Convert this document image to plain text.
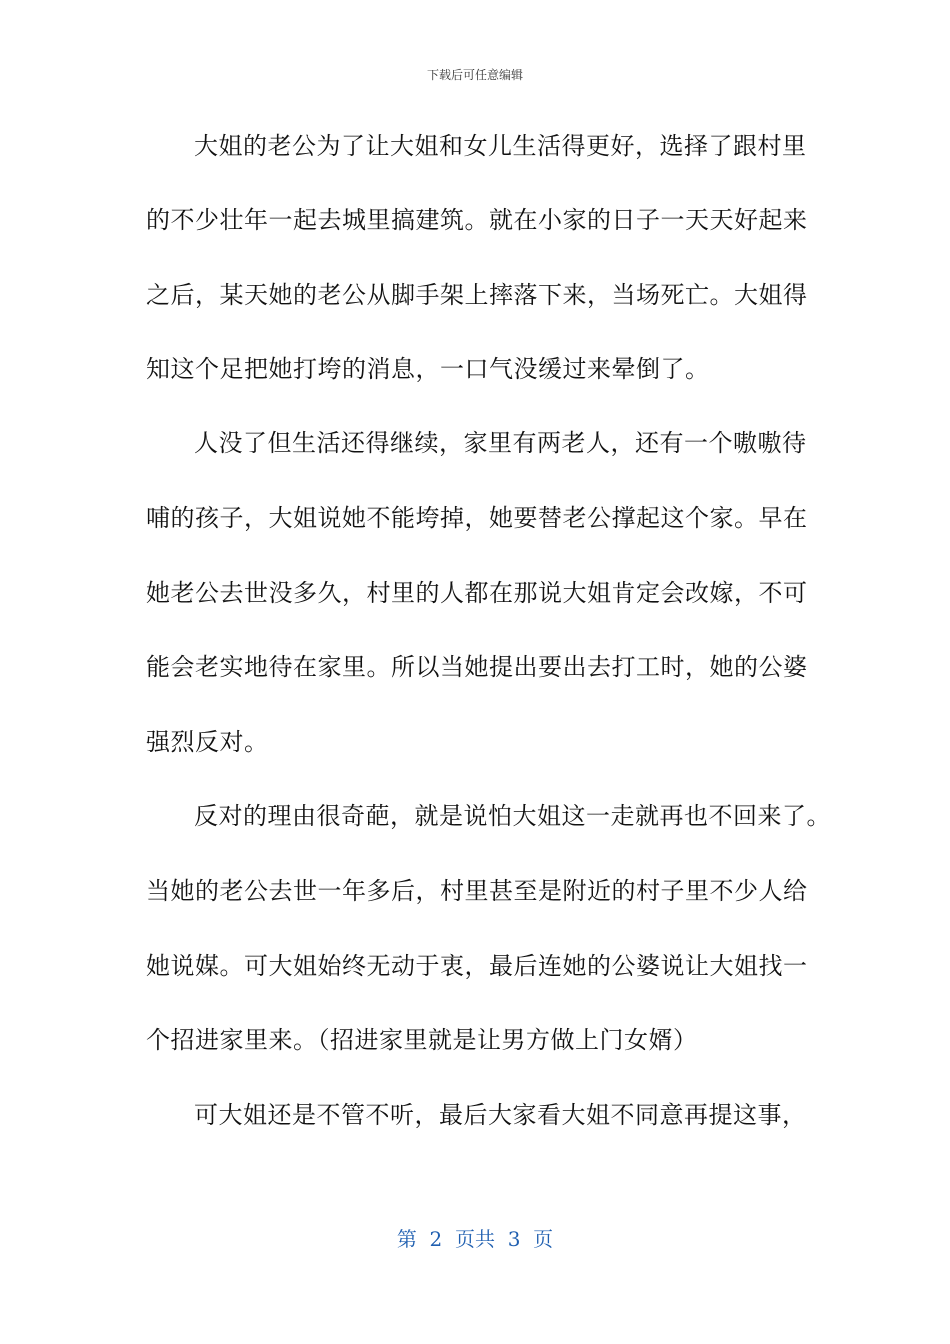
下载后可任意编辑
大姐的老公为了让大姐和女儿生活得更好，选择了跟村里
的不少壮年一起去城里搞建筑。就在小家的日子一天天好起来
之后，某天她的老公从脚手架上摔落下来，当场死亡。大姐得
知这个足把她打垮的消息，一口气没缓过来晕倒了。
人没了但生活还得继续，家里有两老人，还有一个嗷嗷待
哺的孩子，大姐说她不能垮掉，她要替老公撑起这个家。早在
她老公去世没多久，村里的人都在那说大姐肯定会改嫁，不可
能会老实地待在家里。所以当她提出要出去打工时，她的公婆
强烈反对。
反对的理由很奇葩，就是说怕大姐这一走就再也不回来了。
当她的老公去世一年多后，村里甚至是附近的村子里不少人给
她说媒。可大姐始终无动于衷，最后连她的公婆说让大姐找一
个招进家里来。（招进家里就是让男方做上门女婿）
可大姐还是不管不听，最后大家看大姐不同意再提这事，
第  2  页共  3  页
